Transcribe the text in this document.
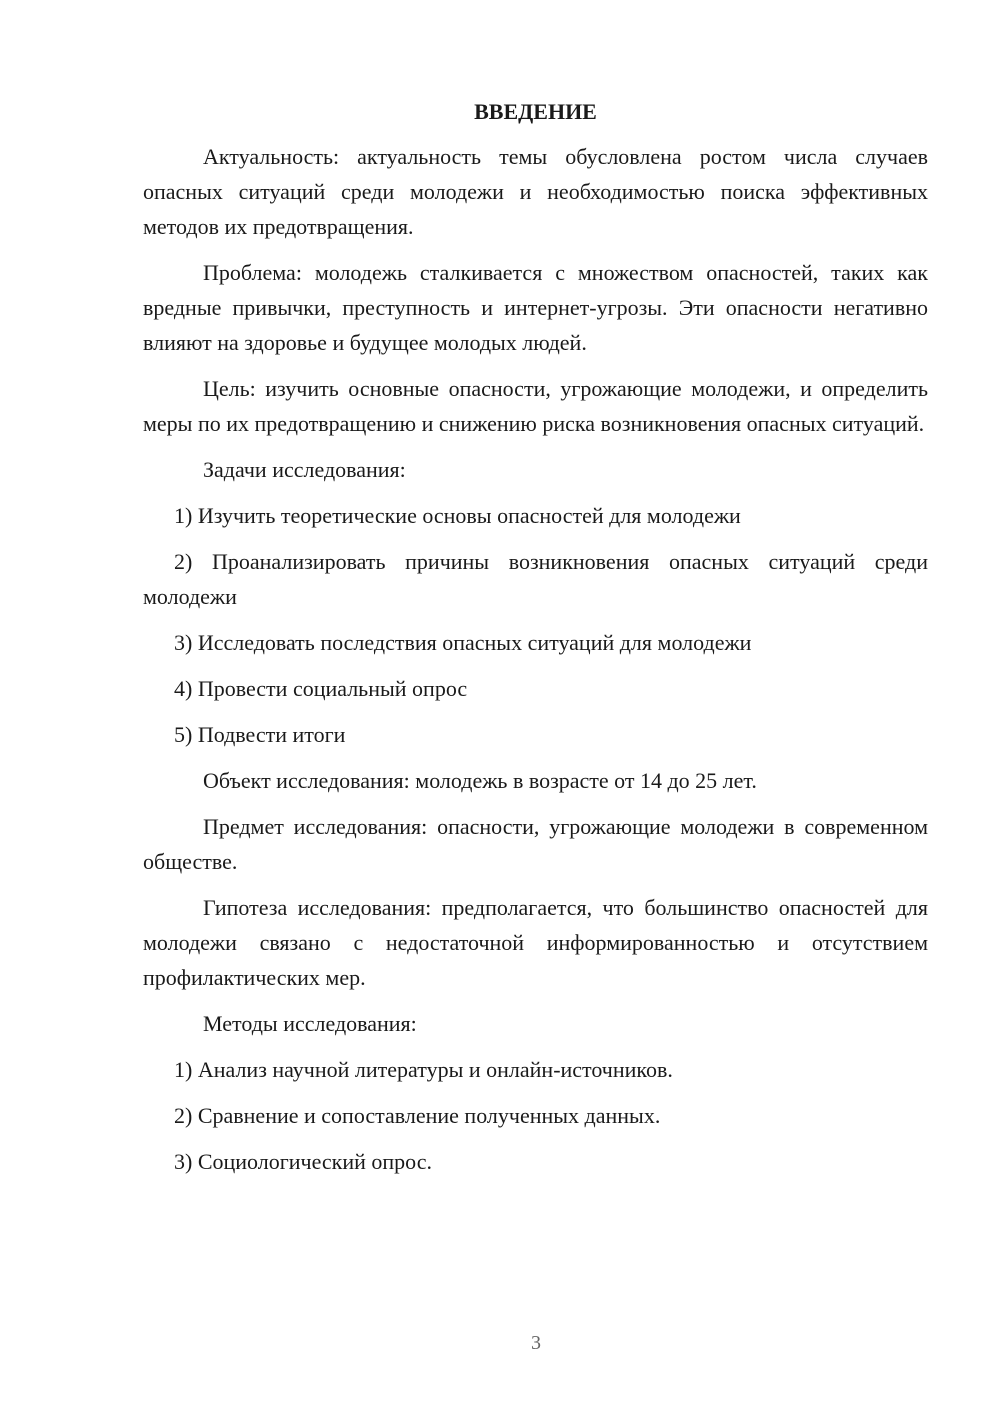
ВВЕДЕНИЕ

Актуальность: актуальность темы обусловлена ростом числа случаев опасных ситуаций среди молодежи и необходимостью поиска эффективных методов их предотвращения.

Проблема: молодежь сталкивается с множеством опасностей, таких как вредные привычки, преступность и интернет-угрозы. Эти опасности негативно влияют на здоровье и будущее молодых людей.

Цель: изучить основные опасности, угрожающие молодежи, и определить меры по их предотвращению и снижению риска возникновения опасных ситуаций.

Задачи исследования:

1) Изучить теоретические основы опасностей для молодежи

2) Проанализировать причины возникновения опасных ситуаций среди молодежи

3) Исследовать последствия опасных ситуаций для молодежи

4) Провести социальный опрос

5) Подвести итоги

Объект исследования: молодежь в возрасте от 14 до 25 лет.

Предмет исследования: опасности, угрожающие молодежи в современном обществе.

Гипотеза исследования: предполагается, что большинство опасностей для молодежи связано с недостаточной информированностью и отсутствием профилактических мер.

Методы исследования:

1) Анализ научной литературы и онлайн-источников.

2) Сравнение и сопоставление полученных данных.

3) Социологический опрос.

3
